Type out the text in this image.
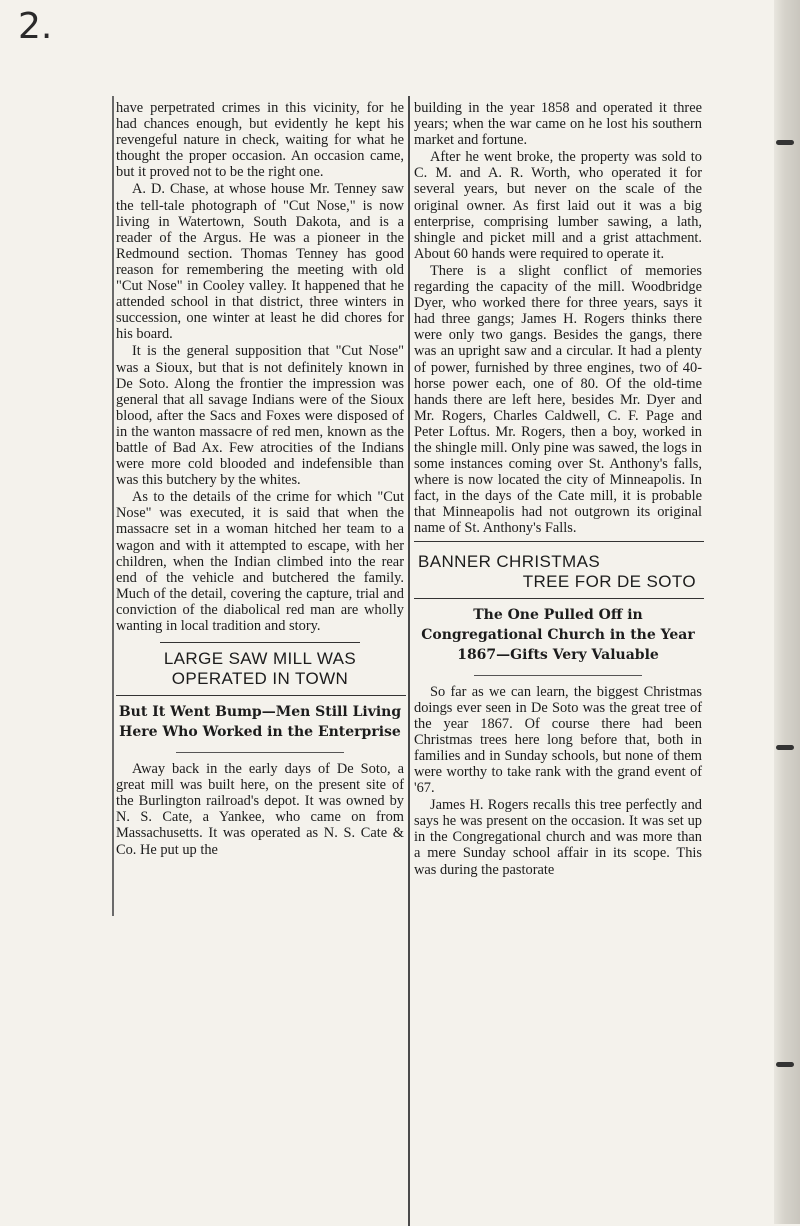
2.

have perpetrated crimes in this vicinity, for he had chances enough, but evidently he kept his revengeful nature in check, waiting for what he thought the proper occasion. An occasion came, but it proved not to be the right one.

A. D. Chase, at whose house Mr. Tenney saw the tell-tale photograph of "Cut Nose," is now living in Watertown, South Dakota, and is a reader of the Argus. He was a pioneer in the Redmound section. Thomas Tenney has good reason for remembering the meeting with old "Cut Nose" in Cooley valley. It happened that he attended school in that district, three winters in succession, one winter at least he did chores for his board.

It is the general supposition that "Cut Nose" was a Sioux, but that is not definitely known in De Soto. Along the frontier the impression was general that all savage Indians were of the Sioux blood, after the Sacs and Foxes were disposed of in the wanton massacre of red men, known as the battle of Bad Ax. Few atrocities of the Indians were more cold blooded and indefensible than was this butchery by the whites.

As to the details of the crime for which "Cut Nose" was executed, it is said that when the massacre set in a woman hitched her team to a wagon and with it attempted to escape, with her children, when the Indian climbed into the rear end of the vehicle and butchered the family. Much of the detail, covering the capture, trial and conviction of the diabolical red man are wholly wanting in local tradition and story.

LARGE SAW MILL WAS
OPERATED IN TOWN
But It Went Bump—Men Still Living Here Who Worked in the Enterprise

Away back in the early days of De Soto, a great mill was built here, on the present site of the Burlington railroad's depot. It was owned by N. S. Cate, a Yankee, who came on from Massachusetts. It was operated as N. S. Cate & Co. He put up the

building in the year 1858 and operated it three years; when the war came on he lost his southern market and fortune.

After he went broke, the property was sold to C. M. and A. R. Worth, who operated it for several years, but never on the scale of the original owner. As first laid out it was a big enterprise, comprising lumber sawing, a lath, shingle and picket mill and a grist attachment. About 60 hands were required to operate it.

There is a slight conflict of memories regarding the capacity of the mill. Woodbridge Dyer, who worked there for three years, says it had three gangs; James H. Rogers thinks there were only two gangs. Besides the gangs, there was an upright saw and a circular. It had a plenty of power, furnished by three engines, two of 40-horse power each, one of 80. Of the old-time hands there are left here, besides Mr. Dyer and Mr. Rogers, Charles Caldwell, C. F. Page and Peter Loftus. Mr. Rogers, then a boy, worked in the shingle mill. Only pine was sawed, the logs in some instances coming over St. Anthony's falls, where is now located the city of Minneapolis. In fact, in the days of the Cate mill, it is probable that Minneapolis had not outgrown its original name of St. Anthony's Falls.

BANNER CHRISTMAS
TREE FOR DE SOTO
The One Pulled Off in Congregational Church in the Year 1867—Gifts Very Valuable

So far as we can learn, the biggest Christmas doings ever seen in De Soto was the great tree of the year 1867. Of course there had been Christmas trees here long before that, both in families and in Sunday schools, but none of them were worthy to take rank with the grand event of '67.

James H. Rogers recalls this tree perfectly and says he was present on the occasion. It was set up in the Congregational church and was more than a mere Sunday school affair in its scope. This was during the pastorate
